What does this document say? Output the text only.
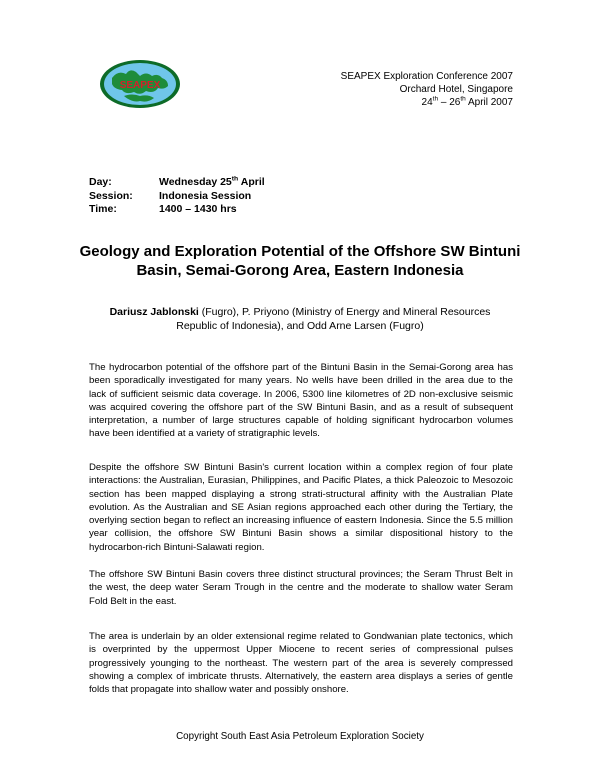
SEAPEX
SEAPEX Exploration Conference 2007
Orchard Hotel, Singapore
24th – 26th April 2007
Day:	Wednesday 25th April
Session:	Indonesia Session
Time:	1400 – 1430 hrs
Geology and Exploration Potential of the Offshore SW Bintuni Basin, Semai-Gorong Area, Eastern Indonesia
Dariusz Jablonski (Fugro), P. Priyono (Ministry of Energy and Mineral Resources Republic of Indonesia), and Odd Arne Larsen (Fugro)

The hydrocarbon potential of the offshore part of the Bintuni Basin in the Semai-Gorong area has been sporadically investigated for many years. No wells have been drilled in the area due to the lack of sufficient seismic data coverage. In 2006, 5300 line kilometres of 2D non-exclusive seismic was acquired covering the offshore part of the SW Bintuni Basin, and as a result of subsequent interpretation, a number of large structures capable of holding significant hydrocarbon volumes have been identified at a variety of stratigraphic levels.

Despite the offshore SW Bintuni Basin's current location within a complex region of four plate interactions: the Australian, Eurasian, Philippines, and Pacific Plates, a thick Paleozoic to Mesozoic section has been mapped displaying a strong strati-structural affinity with the Australian Plate evolution. As the Australian and SE Asian regions approached each other during the Tertiary, the overlying section began to reflect an increasing influence of eastern Indonesia. Since the 5.5 million year collision, the offshore SW Bintuni Basin shows a similar dispositional history to the hydrocarbon-rich Bintuni-Salawati region.

The offshore SW Bintuni Basin covers three distinct structural provinces; the Seram Thrust Belt in the west, the deep water Seram Trough in the centre and the moderate to shallow water Seram Fold Belt in the east.

The area is underlain by an older extensional regime related to Gondwanian plate tectonics, which is overprinted by the uppermost Upper Miocene to recent series of compressional pulses progressively younging to the northeast. The western part of the area is severely compressed showing a complex of imbricate thrusts. Alternatively, the eastern area displays a series of gentle folds that propagate into shallow water and possibly onshore.

Copyright South East Asia Petroleum Exploration Society
